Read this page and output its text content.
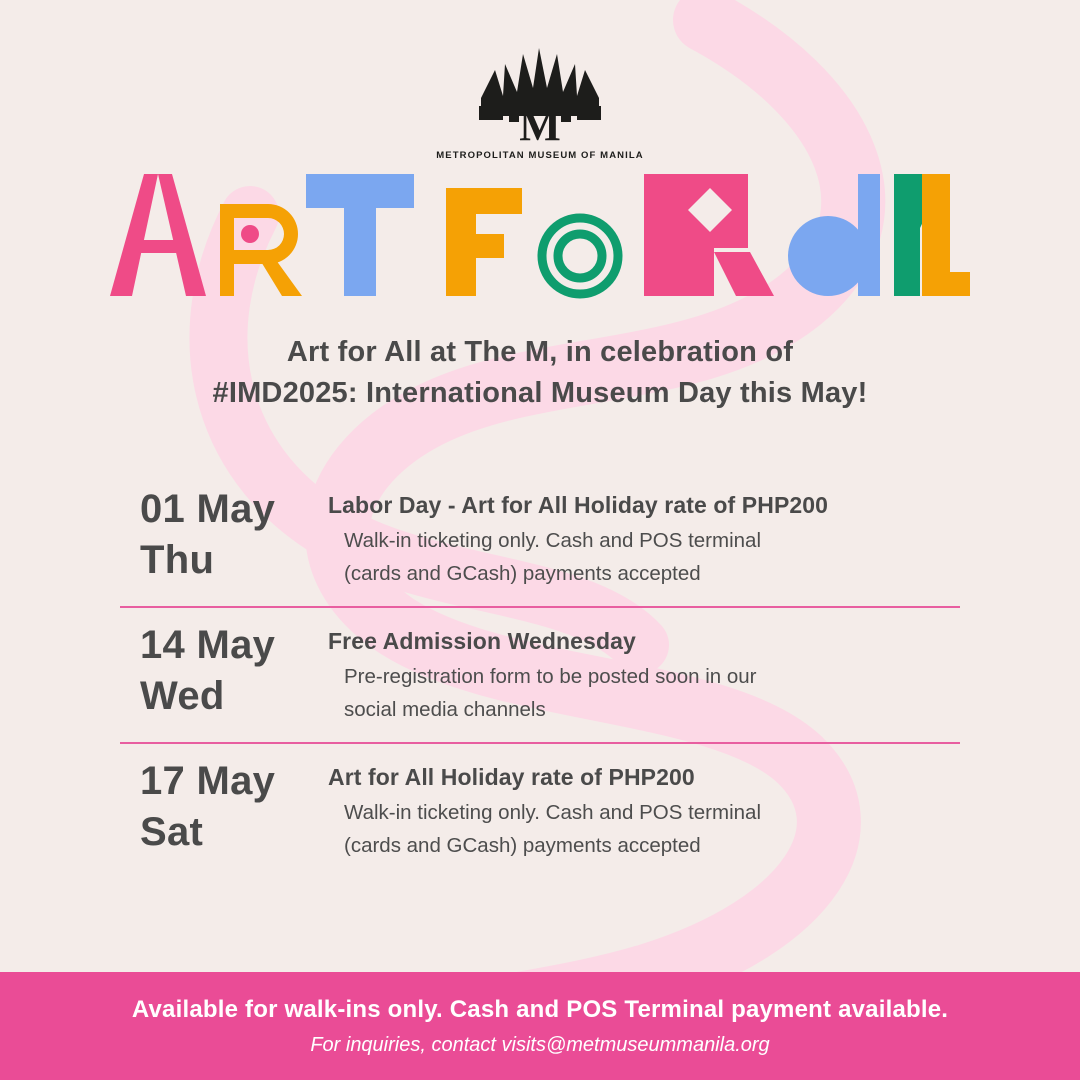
M
METROPOLITAN MUSEUM OF MANILA
Art for All at The M, in celebration of
#IMD2025: International Museum Day this May!
01 May
Thu
Labor Day - Art for All Holiday rate of PHP200
Walk-in ticketing only. Cash and POS terminal
(cards and GCash) payments accepted
14 May
Wed
Free Admission Wednesday
Pre-registration form to be posted soon in our
social media channels
17 May
Sat
Art for All Holiday rate of PHP200
Walk-in ticketing only. Cash and POS terminal
(cards and GCash) payments accepted
Available for walk-ins only. Cash and POS Terminal payment available.
For inquiries, contact visits@metmuseummanila.org
